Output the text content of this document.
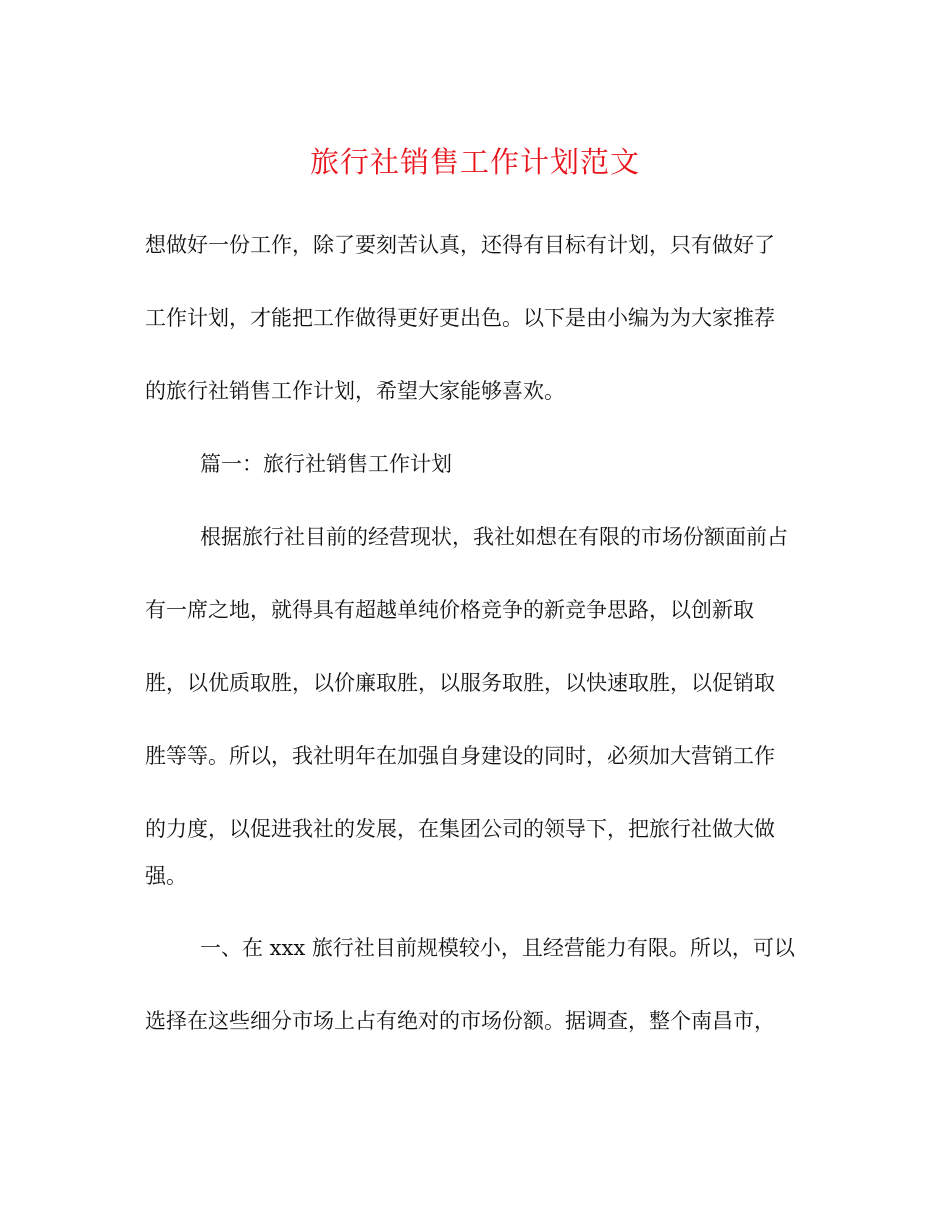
旅行社销售工作计划范文

想做好一份工作，除了要刻苦认真，还得有目标有计划，只有做好了

工作计划，才能把工作做得更好更出色。以下是由小编为为大家推荐

的旅行社销售工作计划，希望大家能够喜欢。

篇一：旅行社销售工作计划

根据旅行社目前的经营现状，我社如想在有限的市场份额面前占

有一席之地，就得具有超越单纯价格竞争的新竞争思路，以创新取

胜，以优质取胜，以价廉取胜，以服务取胜，以快速取胜，以促销取

胜等等。所以，我社明年在加强自身建设的同时，必须加大营销工作

的力度，以促进我社的发展，在集团公司的领导下，把旅行社做大做

强。

一、在 xxx 旅行社目前规模较小，且经营能力有限。所以，可以

选择在这些细分市场上占有绝对的市场份额。据调查，整个南昌市，
